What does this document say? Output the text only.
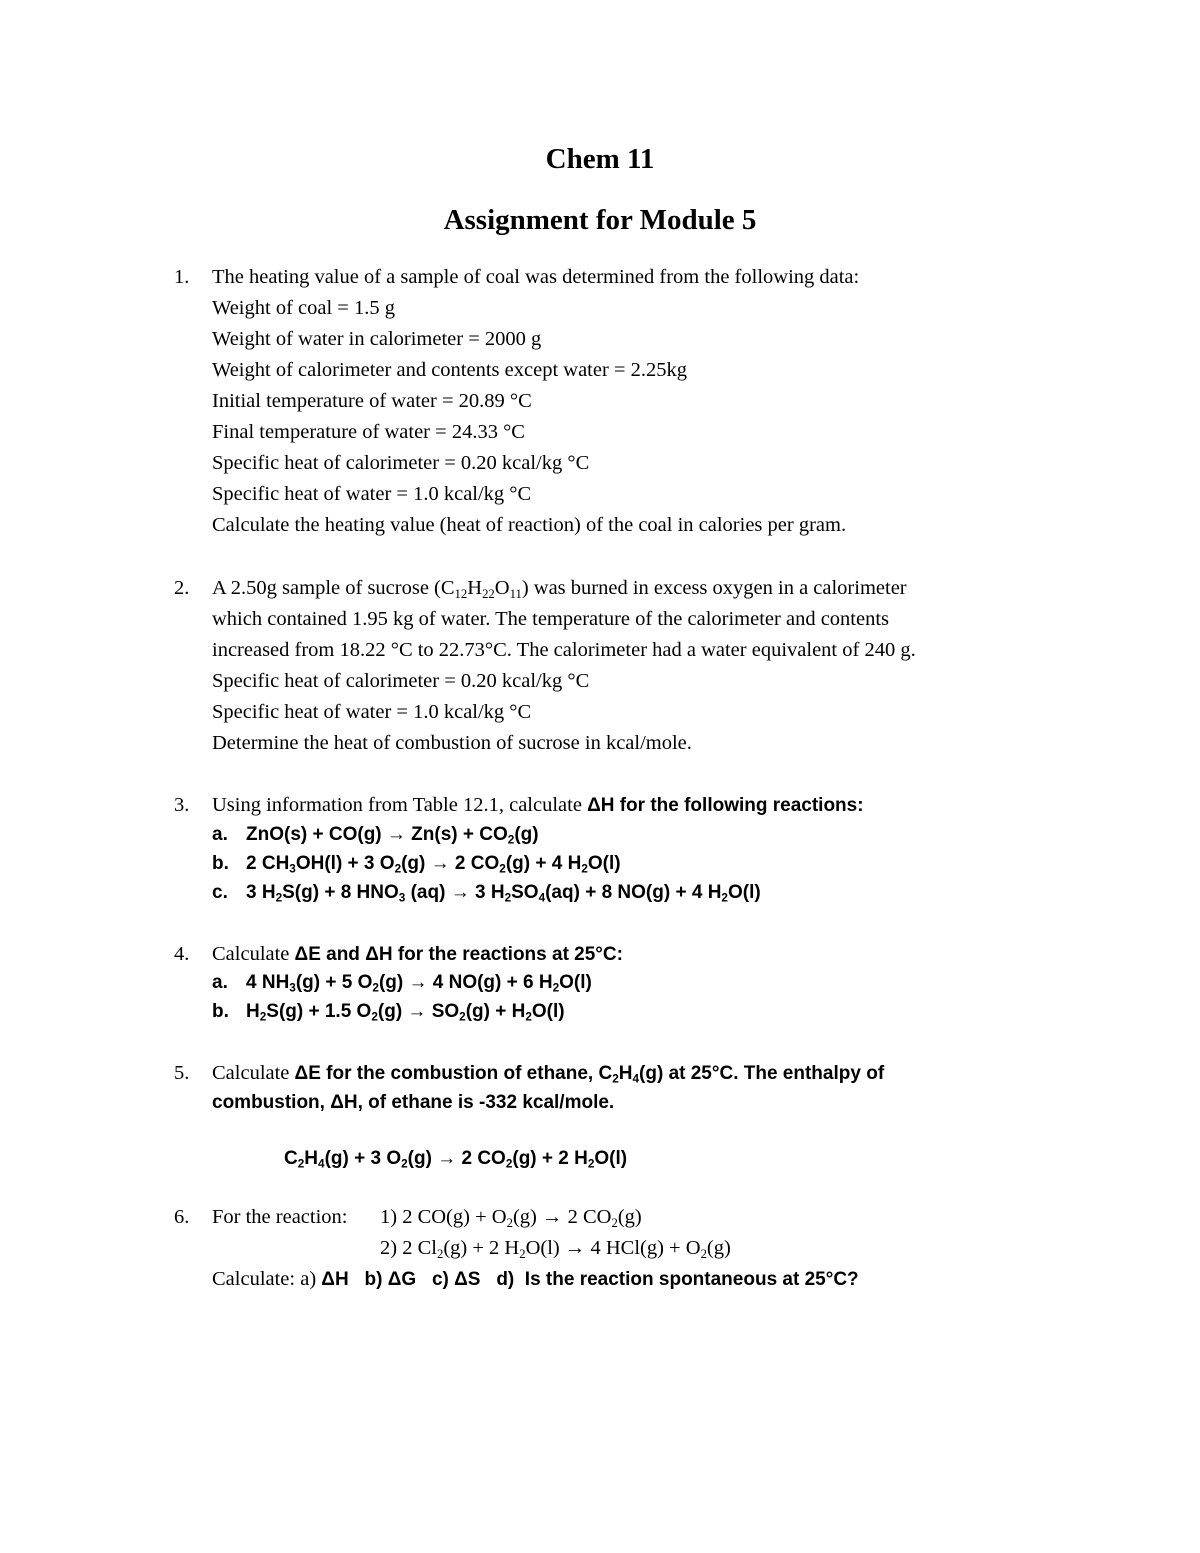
Chem 11
Assignment for Module 5
1. The heating value of a sample of coal was determined from the following data:
Weight of coal = 1.5 g
Weight of water in calorimeter = 2000 g
Weight of calorimeter and contents except water = 2.25kg
Initial temperature of water = 20.89 °C
Final temperature of water = 24.33 °C
Specific heat of calorimeter = 0.20 kcal/kg °C
Specific heat of water = 1.0 kcal/kg °C
Calculate the heating value (heat of reaction) of the coal in calories per gram.
2. A 2.50g sample of sucrose $(C_{12}H_{22}O_{11})$ was burned in excess oxygen in a calorimeter
which contained 1.95 kg of water. The temperature of the calorimeter and contents
increased from 18.22 °C to 22.73°C. The calorimeter had a water equivalent of 240 g.
Specific heat of calorimeter = 0.20 kcal/kg °C
Specific heat of water = 1.0 kcal/kg °C
Determine the heat of combustion of sucrose in kcal/mole.
3. Using information from Table 12.1, calculate ΔH for the following reactions:
a. $ZnO(s) + CO(g) \to Zn(s) + CO_2(g)$
b. 2 $CH_3OH(l) + 3$ $O_2(g) \to 2$ $CO_2(g) + 4$ $H_2O(l)$
c. 3 $H_2S(g) + 8$ $HNO_3$ (aq) → 3 $H_2SO_4(aq) + 8$ NO(g) + 4 $H_2O(l)$
4. Calculate ΔE and ΔH for the reactions at 25°C:
a. 4 $NH_3(g) + 5$ $O_2(g) \to 4$ NO(g) + 6 $H_2O(l)$
b. $H_2S(g) + 1.5$ $O_2(g) \to SO_2(g) + H_2O(l)$
5. Calculate ΔE for the combustion of ethane, $C_2H_4(g)$ at 25°C. The enthalpy of
combustion, ΔH, of ethane is -332 kcal/mole.
$C_2H_4(g) + 3$ $O_2(g) \to 2$ $CO_2(g) + 2$ $H_2O(l)$
6. For the reaction: 1) 2 $CO(g) + O_2(g) \to 2$ $CO_2(g)$
2) 2 $Cl_2(g) + 2$ $H_2O(l) \to 4$ $HCl(g) + O_2(g)$
Calculate: a) ΔH   b) ΔG   c) ΔS   d)  Is the reaction spontaneous at 25°C?
